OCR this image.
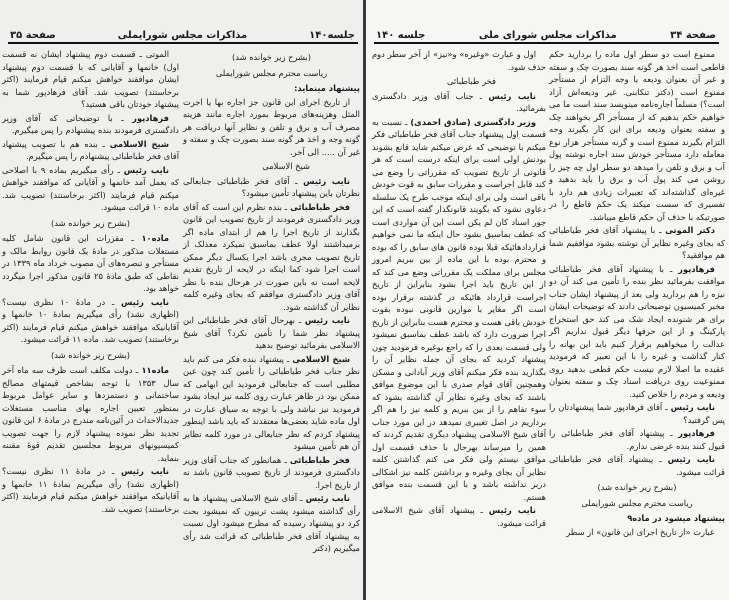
جلسه۱۴۰
مذاکرات مجلس شورایملی
صفحة ۳۵
(بشرح زیر خوانده شد)
ریاست محترم مجلس شورایملی

پیشنهاد مینماید:

از تاریخ اجرای این قانون جز اجاره بها یا اجرت المثل وهزینه‌های مربوط بمورد اجاره مانند هزینه مصرف آب و برق و تلفن و نظایر آنها دریافت هر گونه وجه و اخذ هر گونه سند بصورت چک و سفته و غیر آن ..... الی آخر.

شیخ الاسلامی

نایب رئیس ـ آقای فخر طباطبائی جنابعالی نظرتان باین پیشنهاد تأمین میشود؟

فخر طباطبائی ـ بنده نظرم این است که آقای وزیر دادگستری فرمودند از تاریخ تصویب این قانون بگذارند از تاریخ اجرا را هم از ابتدای ماده اگر برمیداشتند اولا عطف بماسبق نمیکرد معذلک از تاریخ تصویب مجری باشد اجرا یکسال دیگر ممکن است اجرا شود کما اینکه در لایحه از تاریخ تقدیم لایحه است نه باین صورت در هرحال بنده با نظر آقای وزیر دادگستری موافقم که بجای وغیره کلمه نظایر آن گذاشته شود.

نایب رئیس ـ بهرحال آقای فخر طباطبائی این پیشنهاد نظر شما را تأمین نکرد؟ آقای شیخ الاسلامی بفرمائید توضیح بدهید

شیخ الاسلامی ـ پیشنهاد بنده فکر می کنم باید نظر جناب فخر طباطبائی را تأمین کند چون عین مطلبی است که جنابعالی فرمودید این ابهامی که ممکن بود در ظاهر عبارت روی کلمه نیز ایجاد بشود فرمودید نیز نباشد ولی با توجه به سیاق عبارت در اول ماده شاید بعضی‌ها معتقدند که باید باشد اینطور پیشنهاد کردم که نظر جنابعالی در مورد کلمه نظایر آن هم تأمین میشود

فخر طباطبائی ـ همانطور که جناب آقای وزیر دادگستری فرمودند از تاریخ تصویب قانون باشد نه از تاریخ اجرا.

نایب رئیس ـ آقای شیخ الاسلامی پیشنهاد ها به رأی گذاشته میشود پشت تریبون که نمیشود بحث کرد دو پیشنهاد رسیده که مطرح میشود اول نسبت به پیشنهاد آقای فخر طباطبائی که قرائت شد رأی میگیریم (دکتر

الموتی ـ قسمت دوم پیشنهاد ایشان نه قسمت اول) خانمها و آقایانی که با قسمت دوم پیشنهاد ایشان موافقند خواهش میکنم قیام فرمایند (اکثر برخاستند) تصویب شد. آقای فرهادپور شما به پیشنهاد خودتان باقی هستید؟

فرهادپور ـ با توضیحاتی که آقای وزیر دادگستری فرمودند بنده پیشنهادم را پس میگیرم.

شیخ الاسلامی ـ بنده هم با تصویب پیشنهاد آقای فخر طباطبائی پیشنهادم را پس میگیرم.

نایب رئیس ـ رأی میگیریم بماده ۹ با اصلاحی که بعمل آمد خانمها و آقایانی که موافقند خواهش میکنم قیام فرمایند (اکثر برخاستند) تصویب شد. ماده ۱۰ قرائت میشود.

(بشرح زیر خوانده شد)

ماده۱۰ ـ مقررات این قانون شامل کلیه مستغلات مذکور در مادهٔ یک قانون روابط مالک و مستأجر و تبصره‌های آن مصوب خرداد ماه ۱۳۳۹ در نقاطی که طبق مادهٔ ۲۵ قانون مذکور اجرا میگردد خواهد بود.

نایب رئیس ـ در مادهٔ ۱۰ نظری نیست؟ (اظهاری نشد) رأی میگیریم بمادهٔ ۱۰ خانمها و آقایانیکه موافقند خواهش میکنم قیام فرمایند (اکثر برخاستند) تصویب شد. ماده ۱۱ قرائت میشود.

(بشرح زیر خوانده شد)

ماده۱۱ ـ دولت مکلف است ظرف سه ماه آخر سال ۱۳۵۳ با توجه بشاخص قیمتهای مصالح ساختمانی و دستمزدها و سایر عوامل مربوط بمنظور تعیین اجاره بهای مناسب مستغلات جدیدالاحداث در آئین‌نامه مندرج در مادهٔ ۶ این قانون تجدید نظر نموده پیشنهاد لازم را جهت تصویب کمیسیونهای مربوط مجلسین تقدیم قوهٔ مقننه بنماید.

نایب رئیس ـ در مادهٔ ۱۱ نظری نیست؟ (اظهاری نشد) رأی میگیریم بمادهٔ ۱۱ خانمها و آقایانیکه موافقند خواهش میکنم قیام فرمایند (اکثر برخاستند) تصویب شد.

صفحة ۳۴
مذاکرات مجلس شورای ملی
جلسه ۱۴۰

ممنوع است دو سطر اول ماده را بردارید حکم قاطعی است اخذ هر گونه سند بصورت چک و سفته و غیر آن بعنوان ودیعه یا وجه التزام از مستأجر ممنوع است (دکتر تنکابنی. غیر ودیعه‌اش آزاد است؟) مسلماً اجاره‌نامه مینویسد سند است ما می خواهیم حکم بدهیم که از مستأجر اگر بخواهند چک و سفته بعنوان ودیعه برای این کار بگیرند وجه التزام بگیرند ممنوع است و گرنه مستأجر هزار نوع معامله دارد مستأجر خودش سند اجاره نوشته پول آب و برق و تلفن را میدهد دو سطر اول چه چیز را روشن می کند پول آب و برق را باید بدهید و غیره‌ای گذاشته‌اند که تعبیرات زیادی هم دارد با تفسیری که سست میکند یک حکم قاطع را در صورتیکه با حذف آن حکم قاطع میباشد.

دکتر الموتی ـ با پیشنهاد آقای فخر طباطبائی که بجای وغیره نظایر آن نوشته بشود موافقیم شما هم موافقید؟

فرهادپور ـ با پیشنهاد آقای فخر طباطبائی موافقت بفرمائید نظر بنده را تأمین می کند آن دو نیزه را هم بردارید ولی بعد از پیشنهاد ایشان جناب مخبر کمیسیون توضیحاتی دادند که توضیحات ایشان برای هر شنونده ایجاد شک می کند حق استخراج پارکینگ و از این حرفها دیگر قبول نداریم اگر عدالت را میخواهیم برقرار کنیم باید این بهانه را کنار گذاشت و غیره را با این تعبیر که فرمودید عقیده ما اصلا لازم نیست حکم قطعی بدهید روی ممنوعیت روی دریافت اسناد چک و سفته بعنوان ودیعه و مردم را خلاص کنید.

نایب رئیس ـ آقای فرهادپور شما پیشنهادتان را پس گرفتید؟

فرهادپور ـ پیشنهاد آقای فخر طباطبائی را قبول کنند بنده عرضی ندارم.

نایب رئیس ـ پیشنهاد آقای فخر طباطبائی قرائت میشود.

(بشرح زیر خوانده شد)
ریاست محترم مجلس شورایملی

پیشنهاد میشود در ماده۹

عبارت «از تاریخ اجرای این قانون» از سطر

اول و عبارت «وغیره» و«نیز» از آخر سطر دوم حذف شود.

فخر طباطبائی

نایب رئیس ـ جناب آقای وزیر دادگستری بفرمائید.

وزیر دادگستری (صادق احمدی) ـ نسبت به قسمت اول پیشنهاد جناب آقای فخر طباطبائی فکر میکنم با توضیحی که عرض میکنم شاید قانع بشوند بودنش اولی است برای اینکه درست است که هر قانونی از تاریخ تصویب که مقرراتی را وضع می کند قابل اجراست و مقررات سابق به قوت خودش باقی است ولی برای اینکه موجب طرح یک سلسله دعاوی نشود که بگویند قانونگذار گفته است که این جور اسناد کان لم یکن است این آن مواردی است که عطف بماسبق بشود حال اینکه ما نمی خواهیم قراردادهائیکه قبلا بوده قانون های سابق را که بوده و محترم بوده با این ماده از بین ببریم امروز مجلس برای مملکت یک مقرراتی وضع می کند که از این تاریخ باید اجرا بشود بنابراین از تاریخ اجراست قرارداد هائیکه در گذشته برقرار بوده است اگر مغایر با موازین قانونی نبوده بقوت خودش باقی هست و محترم هست بنابراین از تاریخ اجرا ضرورت دارد که باشد عطف بماسبق نمیشود ولی قسمت بعدی را که راجع بوغیره فرمودید چون پیشنهاد کردید که بجای آن جمله نظایر آن را بگذارید بنده فکر میکنم آقای وزیر آبادانی و مسکن وهمچنین آقای قوام صدری با این موضوع موافق باشند که بجای وغیره نظایر آن گذاشته بشود که سوء تفاهم را از بین ببریم و کلمه نیز را هم اگر برداریم در اصل تغییری نمیدهد در این مورد جناب آقای شیخ الاسلامی پیشنهاد دیگری تقدیم کردند که همین را میرساند بهرحال با حذف قسمت اول موافق نیستم ولی فکر می کنم گذاشتن کلمه نظایر آن بجای وغیره و برداشتن کلمه نیز اشکالی دربر نداشته باشد و با این قسمت بنده موافق هستم.

نایب رئیس ـ پیشنهاد آقای شیخ الاسلامی قرائت میشود.
